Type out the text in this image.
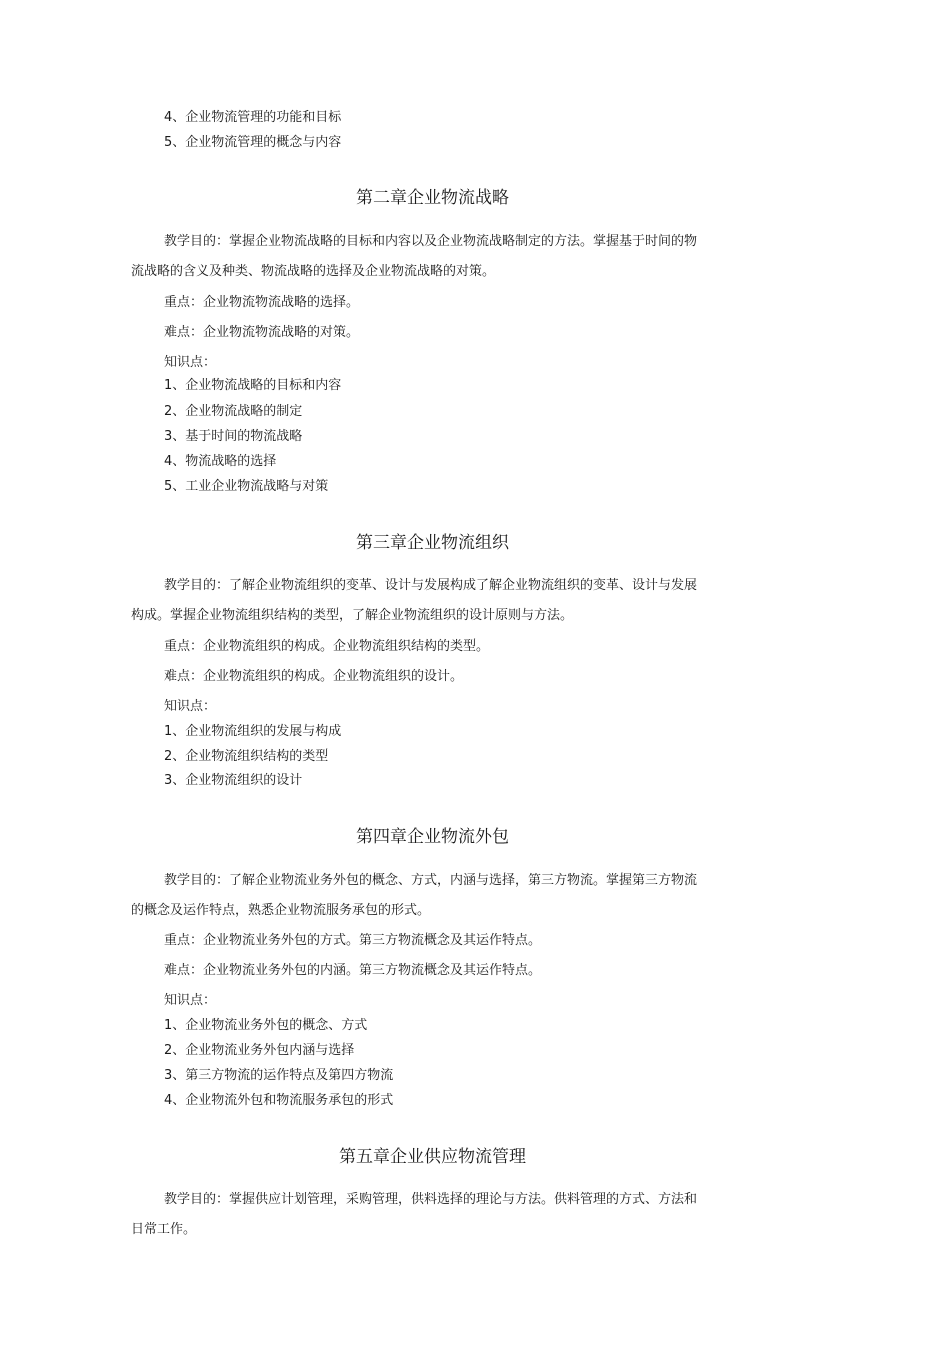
4、企业物流管理的功能和目标
5、企业物流管理的概念与内容
第二章企业物流战略
教学目的：掌握企业物流战略的目标和内容以及企业物流战略制定的方法。掌握基于时间的物
流战略的含义及种类、物流战略的选择及企业物流战略的对策。
重点：企业物流物流战略的选择。
难点：企业物流物流战略的对策。
知识点：
1、企业物流战略的目标和内容
2、企业物流战略的制定
3、基于时间的物流战略
4、物流战略的选择
5、工业企业物流战略与对策
第三章企业物流组织
教学目的：了解企业物流组织的变革、设计与发展构成了解企业物流组织的变革、设计与发展
构成。掌握企业物流组织结构的类型，了解企业物流组织的设计原则与方法。
重点：企业物流组织的构成。企业物流组织结构的类型。
难点：企业物流组织的构成。企业物流组织的设计。
知识点：
1、企业物流组织的发展与构成
2、企业物流组织结构的类型
3、企业物流组织的设计
第四章企业物流外包
教学目的：了解企业物流业务外包的概念、方式，内涵与选择，第三方物流。掌握第三方物流
的概念及运作特点，熟悉企业物流服务承包的形式。
重点：企业物流业务外包的方式。第三方物流概念及其运作特点。
难点：企业物流业务外包的内涵。第三方物流概念及其运作特点。
知识点：
1、企业物流业务外包的概念、方式
2、企业物流业务外包内涵与选择
3、第三方物流的运作特点及第四方物流
4、企业物流外包和物流服务承包的形式
第五章企业供应物流管理
教学目的：掌握供应计划管理，采购管理，供料选择的理论与方法。供料管理的方式、方法和
日常工作。
